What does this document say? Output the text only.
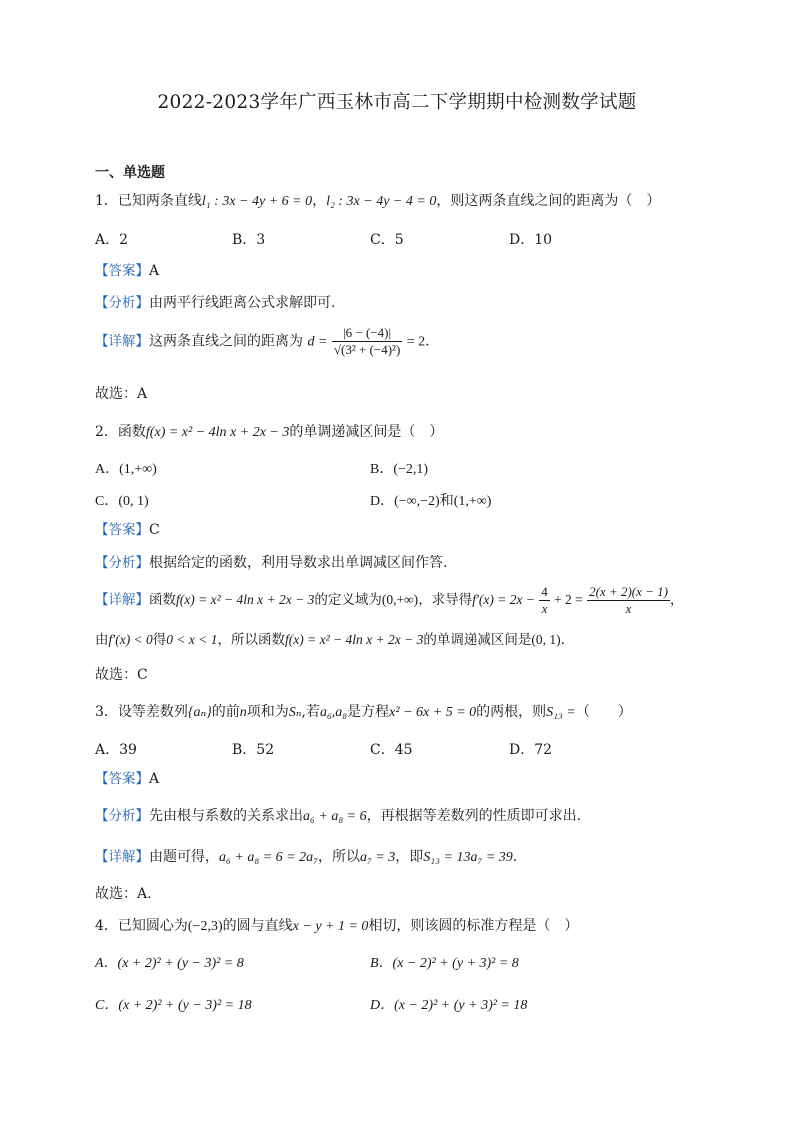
2022-2023学年广西玉林市高二下学期期中检测数学试题
一、单选题
1．已知两条直线l₁ : 3x − 4y + 6 = 0，l₂ : 3x − 4y − 4 = 0，则这两条直线之间的距离为（　）
A．2	B．3	C．5	D．10
【答案】A
【分析】由两平行线距离公式求解即可.
【详解】这两条直线之间的距离为 $d = \frac{|6 - (-4)|}{\text{√(3² + (−4)²)}} = 2$.
故选：A
2．函数f(x) = x² − 4ln x + 2x − 3的单调递减区间是（　）
A．(1,+∞)	B．(−2,1)
C．(0, 1)	D．(−∞,−2)和(1,+∞)
【答案】C
【分析】根据给定的函数，利用导数求出单调减区间作答.
【详解】函数f(x) = x² − 4ln x + 2x − 3的定义域为(0,+∞)，求导得$f'(x) = 2x - \frac{4}{x} + 2 = \frac{2(x + 2)(x - 1)}{x}$ ，
由f′(x) < 0得0 < x < 1，所以函数f(x) = x² − 4ln x + 2x − 3的单调递减区间是(0, 1).
故选：C
3．设等差数列{aₙ}的前n项和为Sₙ,若a₆,a₈是方程x² − 6x + 5 = 0的两根，则S₁₃ =（　　）
A．39	B．52	C．45	D．72
【答案】A
【分析】先由根与系数的关系求出a₆ + a₈ = 6，再根据等差数列的性质即可求出.
【详解】由题可得，a₆ + a₈ = 6 = 2a₇，所以a₇ = 3，即S₁₃ = 13a₇ = 39.
故选：A.
4．已知圆心为(−2,3)的圆与直线x − y + 1 = 0相切，则该圆的标准方程是（　）
A．(x + 2)² + (y − 3)² = 8	B．(x − 2)² + (y + 3)² = 8
C．(x + 2)² + (y − 3)² = 18	D．(x − 2)² + (y + 3)² = 18
